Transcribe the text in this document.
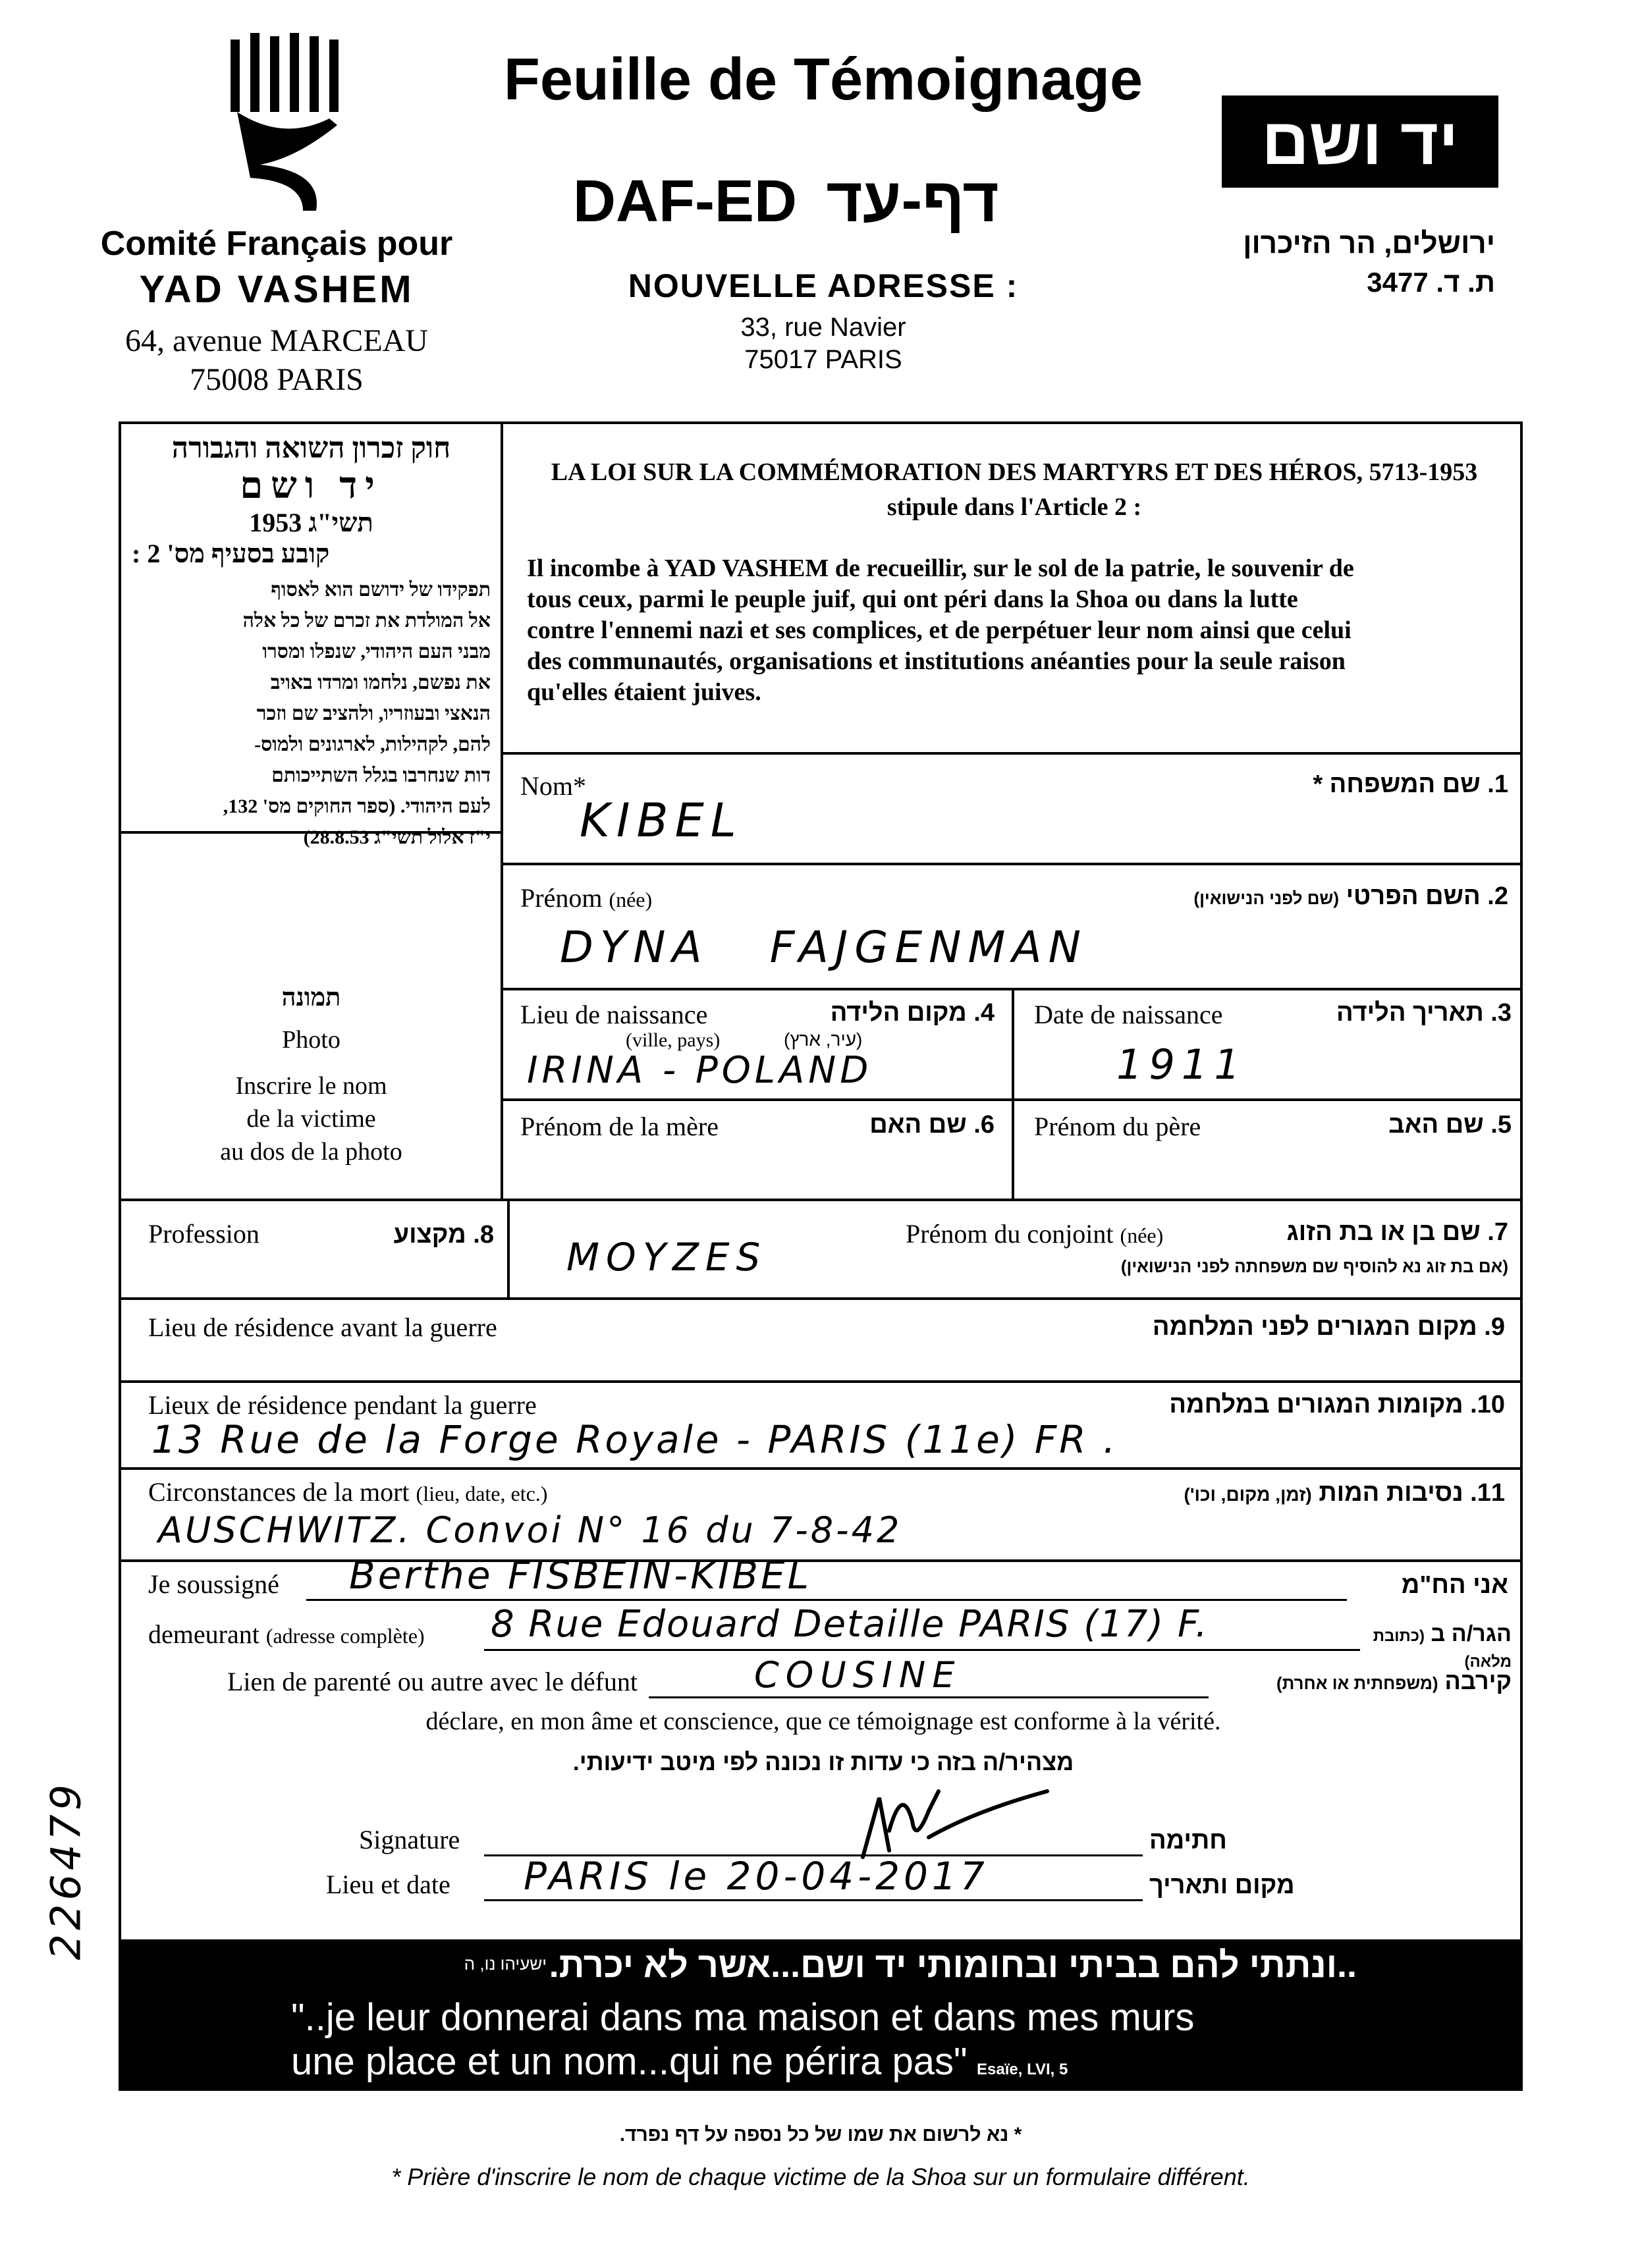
Comité Français pour
YAD VASHEM
64, avenue MARCEAU
75008 PARIS
Feuille de Témoignage
DAF-ED דף-עד
NOUVELLE ADRESSE :
33, rue Navier
75017 PARIS
יד ושם
ירושלים, הר הזיכרון
ת. ד. 3477
חוק זכרון השואה והגבורה
יד ושם
תשי"ג 1953
קובע בסעיף מס' 2 :
תפקידו של ידושם הוא לאסוף
אל המולדת את זכרם של כל אלה
מבני העם היהודי, שנפלו ומסרו
את נפשם, נלחמו ומרדו באויב
הנאצי ובעוזריו, ולהציב שם וזכר
להם, לקהילות, לארגונים ולמוס-
דות שנחרבו בגלל השתייכותם
לעם היהודי. (ספר החוקים מס' 132,
י"ז אלול תשי"ג 28.8.53)
LA LOI SUR LA COMMÉMORATION DES MARTYRS ET DES HÉROS, 5713-1953
stipule dans l'Article 2 :
Il incombe à YAD VASHEM de recueillir, sur le sol de la patrie, le souvenir de
tous ceux, parmi le peuple juif, qui ont péri dans la Shoa ou dans la lutte
contre l'ennemi nazi et ses complices, et de perpétuer leur nom ainsi que celui
des communautés, organisations et institutions anéanties pour la seule raison
qu'elles étaient juives.
תמונה
Photo
Inscrire le nom
de la victime
au dos de la photo
Nom*	1. שם המשפחה *
KIBEL
Prénom (née)	2. השם הפרטי (שם לפני הנישואין)
DYNA   FAJGENMAN
Lieu de naissance
(ville, pays)
4. מקום הלידה
(עיר, ארץ)
IRINA - POLAND
Date de naissance	3. תאריך הלידה
1911
Prénom de la mère	6. שם האם Prénom du père	5. שם האב
Profession	8. מקצוע	Prénom du conjoint (née)	7. שם בן או בת הזוג
(אם בת זוג נא להוסיף שם משפחתה לפני הנישואין)
MOYZES
Lieu de résidence avant la guerre	9. מקום המגורים לפני המלחמה
Lieux de résidence pendant la guerre	10. מקומות המגורים במלחמה
13 Rue de la Forge Royale - PARIS (11e) FR .
Circonstances de la mort (lieu, date, etc.)	11. נסיבות המות (זמן, מקום, וכו')
AUSCHWITZ. Convoi N° 16 du 7-8-42
Je soussigné Berthe FISBEIN-KIBEL	אני הח"מ
demeurant (adresse complète) 8 Rue Edouard Detaille PARIS (17) F.	הגר/ה ב (כתובת מלאה)
Lien de parenté ou autre avec le défunt	COUSINE	קירבה (משפחתית או אחרת)
déclare, en mon âme et conscience, que ce témoignage est conforme à la vérité.
מצהיר/ה בזה כי עדות זו נכונה לפי מיטב ידיעותי.
Signature	חתימה
Lieu et date PARIS le 20-04-2017	מקום ותאריך
ישעיהו נו, ה ..ונתתי להם בביתי ובחומותי יד ושם...אשר לא יכרת.
"..je leur donnerai dans ma maison et dans mes murs
une place et un nom...qui ne périra pas" Esaïe, LVI, 5
* נא לרשום את שמו של כל נספה על דף נפרד.
* Prière d'inscrire le nom de chaque victime de la Shoa sur un formulaire différent.
226479
